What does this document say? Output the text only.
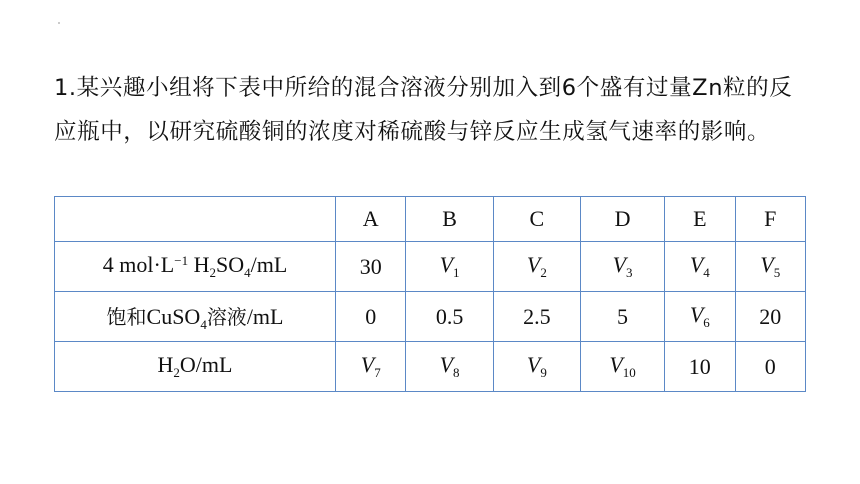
1.某兴趣小组将下表中所给的混合溶液分别加入到6个盛有过量Zn粒的反应瓶中，以研究硫酸铜的浓度对稀硫酸与锌反应生成氢气速率的影响。

	A	B	C	D	E	F
4 $mol\cdot L^{-1}$ $H_2SO_4/mL$	30	$V_1$	$V_2$	$V_3$	$V_4$	$V_5$
饱和CuSO$_4$溶液/mL	0	0.5	2.5	5	$V_6$	20
$H_2O/mL$	$V_7$	$V_8$	$V_9$	$V_{10}$	10	0
